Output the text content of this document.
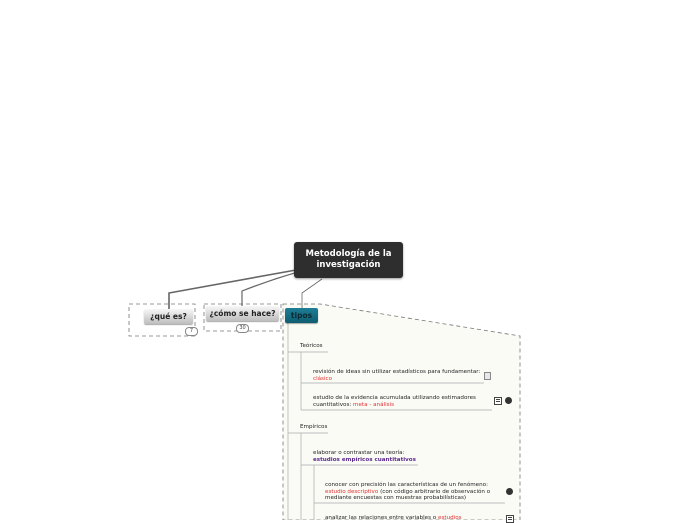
Metodología de la investigación
¿qué es?
7
¿cómo se hace?
30
tipos
Teóricos
revisión de ideas sin utilizar estadísticos para fundamentar:
clásico
estudio de la evidencia acumulada utilizando estimadores
cuantitativos: meta - análisis
Empíricos
elaborar o contrastar una teoría:
estudios empíricos cuantitativos
conocer con precisión las características de un fenómeno:
estudio descriptivo (con código arbitrario de observación o
mediante encuestas con muestras probabilísticas)
analizar las relaciones entre variables o estudios
